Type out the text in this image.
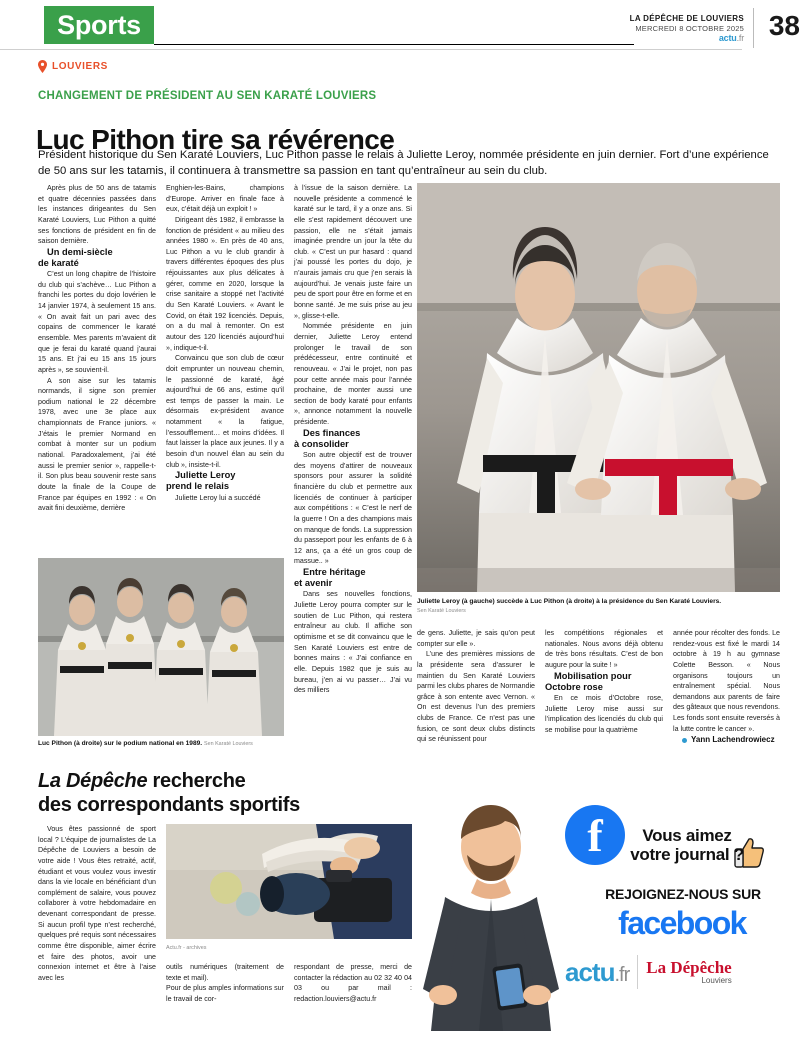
Sports	LA DÉPÊCHE DE LOUVIERS
MERCREDI 8 OCTOBRE 2025
actu.fr 38
LOUVIERS
CHANGEMENT DE PRÉSIDENT AU SEN KARATÉ LOUVIERS
Luc Pithon tire sa révérence
Président historique du Sen Karaté Louviers, Luc Pithon passe le relais à Juliette Leroy, nommée présidente en juin dernier. Fort d’une expérience de 50 ans sur les tatamis, il continuera à transmettre sa passion en tant qu’entraîneur au sein du club.

Après plus de 50 ans de tatamis et quatre décennies passées dans les instances dirigeantes du Sen Karaté Louviers, Luc Pithon a quitté ses fonctions de président en fin de saison dernière.

Un demi-siècle
de karaté

C’est un long chapitre de l’histoire du club qui s’achève… Luc Pithon a franchi les portes du dojo lovérien le 14 janvier 1974, à seulement 15 ans. « On avait fait un pari avec des copains de commencer le karaté ensemble. Mes parents m’avaient dit que je ferai du karaté quand j’aurai 15 ans. Et j’ai eu 15 ans 15 jours après », se souvient-il.

A son aise sur les tatamis normands, il signe son premier podium national le 22 décembre 1978, avec une 3e place aux championnats de France juniors. « J’étais le premier Normand en combat à monter sur un podium national. Paradoxalement, j’ai été aussi le premier senior », rappelle-t-il. Son plus beau souvenir reste sans doute la finale de la Coupe de France par équipes en 1992 : « On avait fini deuxième, derrière

Enghien-les-Bains, champions d’Europe. Arriver en finale face à eux, c’était déjà un exploit ! »

Dirigeant dès 1982, il embrasse la fonction de président « au milieu des années 1980 ». En près de 40 ans, Luc Pithon a vu le club grandir à travers différentes époques des plus réjouissantes aux plus délicates à gérer, comme en 2020, lorsque la crise sanitaire a stoppé net l’activité du Sen Karaté Louviers. « Avant le Covid, on était 192 licenciés. Depuis, on a du mal à remonter. On est autour des 120 licenciés aujourd’hui », indique-t-il.

Convaincu que son club de cœur doit emprunter un nouveau chemin, le passionné de karaté, âgé aujourd’hui de 66 ans, estime qu’il est temps de passer la main. Le désormais ex-président avance notamment « la fatigue, l’essoufflement… et moins d’idées. Il faut laisser la place aux jeunes. Il y a besoin d’un nouvel élan au sein du club », insiste-t-il.

Juliette Leroy
prend le relais

Juliette Leroy lui a succédé

à l’issue de la saison dernière. La nouvelle présidente a commencé le karaté sur le tard, il y a onze ans. Si elle s’est rapidement découvert une passion, elle ne s’était jamais imaginée prendre un jour la tête du club. « C’est un pur hasard : quand j’ai poussé les portes du dojo, je n’aurais jamais cru que j’en serais là aujourd’hui. Je venais juste faire un peu de sport pour être en forme et en bonne santé. Je me suis prise au jeu », glisse-t-elle.

Nommée présidente en juin dernier, Juliette Leroy entend prolonger le travail de son prédécesseur, entre continuité et renouveau. « J’ai le projet, non pas pour cette année mais pour l’année prochaine, de monter aussi une section de body karaté pour enfants », annonce notamment la nouvelle présidente.

Des finances
à consolider

Son autre objectif est de trouver des moyens d’attirer de nouveaux sponsors pour assurer la solidité financière du club et permettre aux licenciés de continuer à participer aux compétitions : « C’est le nerf de la guerre ! On a des champions mais on manque de fonds. La suppression du passeport pour les enfants de 6 à 12 ans, ça a été un gros coup de massue.. »

Entre héritage
et avenir

Dans ses nouvelles fonctions, Juliette Leroy pourra compter sur le soutien de Luc Pithon, qui restera entraîneur au club. Il affiche son optimisme et se dit convaincu que le Sen Karaté Louviers est entre de bonnes mains : « J’ai confiance en elle. Depuis 1982 que je suis au bureau, j’en ai vu passer… J’ai vu des milliers

Juliette Leroy (à gauche) succède à Luc Pithon (à droite) à la présidence du Sen Karaté Louviers.
Sen Karaté Louviers
Luc Pithon (à droite) sur le podium national en 1989. Sen Karaté Louviers

de gens. Juliette, je sais qu’on peut compter sur elle ».

L’une des premières missions de la présidente sera d’assurer le maintien du Sen Karaté Louviers parmi les clubs phares de Normandie grâce à son entente avec Vernon. « On est devenus l’un des premiers clubs de France. Ce n’est pas une fusion, ce sont deux clubs distincts qui se réunissent pour

les compétitions régionales et nationales. Nous avons déjà obtenu de très bons résultats. C’est de bon augure pour la suite ! »

Mobilisation pour
Octobre rose

En ce mois d’Octobre rose, Juliette Leroy mise aussi sur l’implication des licenciés du club qui se mobilise pour la quatrième

année pour récolter des fonds. Le rendez-vous est fixé le mardi 14 octobre à 19 h au gymnase Colette Besson. « Nous organisons toujours un entraînement spécial. Nous demandons aux parents de faire des gâteaux que nous revendons. Les fonds sont ensuite reversés à la lutte contre le cancer ».

Yann Lachendrowiecz

La Dépêche recherche
des correspondants sportifs

Vous êtes passionné de sport local ? L’équipe de journalistes de La Dépêche de Louviers a besoin de votre aide ! Vous êtes retraité, actif, étudiant et vous voulez vous investir dans la vie locale en bénéficiant d’un complément de salaire, vous pouvez collaborer à votre hebdomadaire en devenant correspondant de presse. Si aucun profil type n’est recherché, quelques pré requis sont nécessaires comme être disponible, aimer écrire et faire des photos, avoir une connexion internet et être à l’aise avec les

Actu.fr - archives

outils numériques (traitement de texte et mail).
Pour de plus amples informations sur le travail de cor-

respondant de presse, merci de contacter la rédaction au 02 32 40 04 03 ou par mail : redaction.louviers@actu.fr

f	Vous aimez
votre journal ?
REJOIGNEZ-NOUS SUR
facebook
actu.fr La Dépêche
Louviers
